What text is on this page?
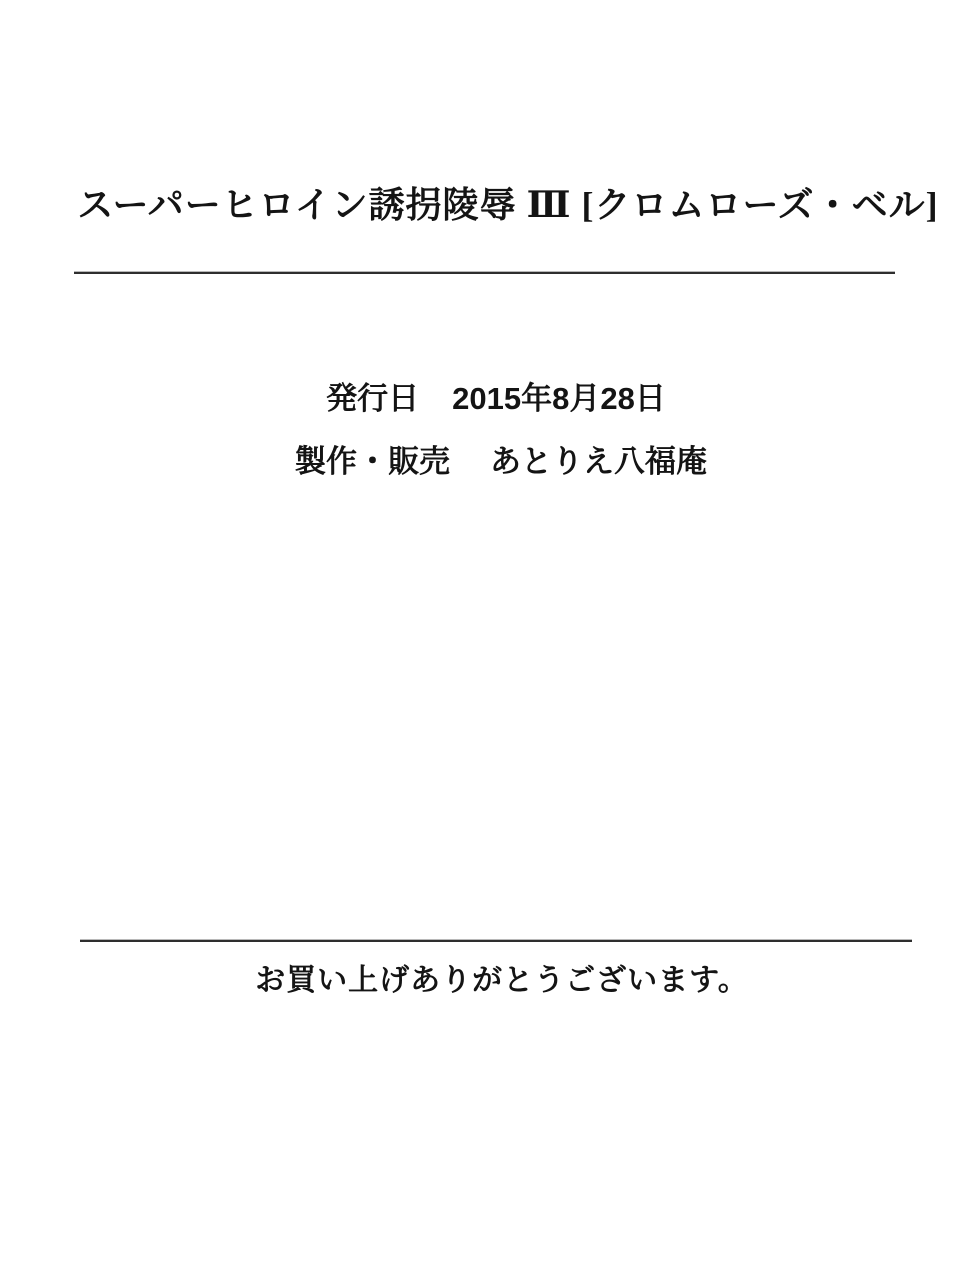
スーパーヒロイン誘拐陵辱 Ⅲ [クロムローズ・ベル]
発行日 2015年8月28日
製作・販売 あとりえ八福庵
お買い上げありがとうございます。
